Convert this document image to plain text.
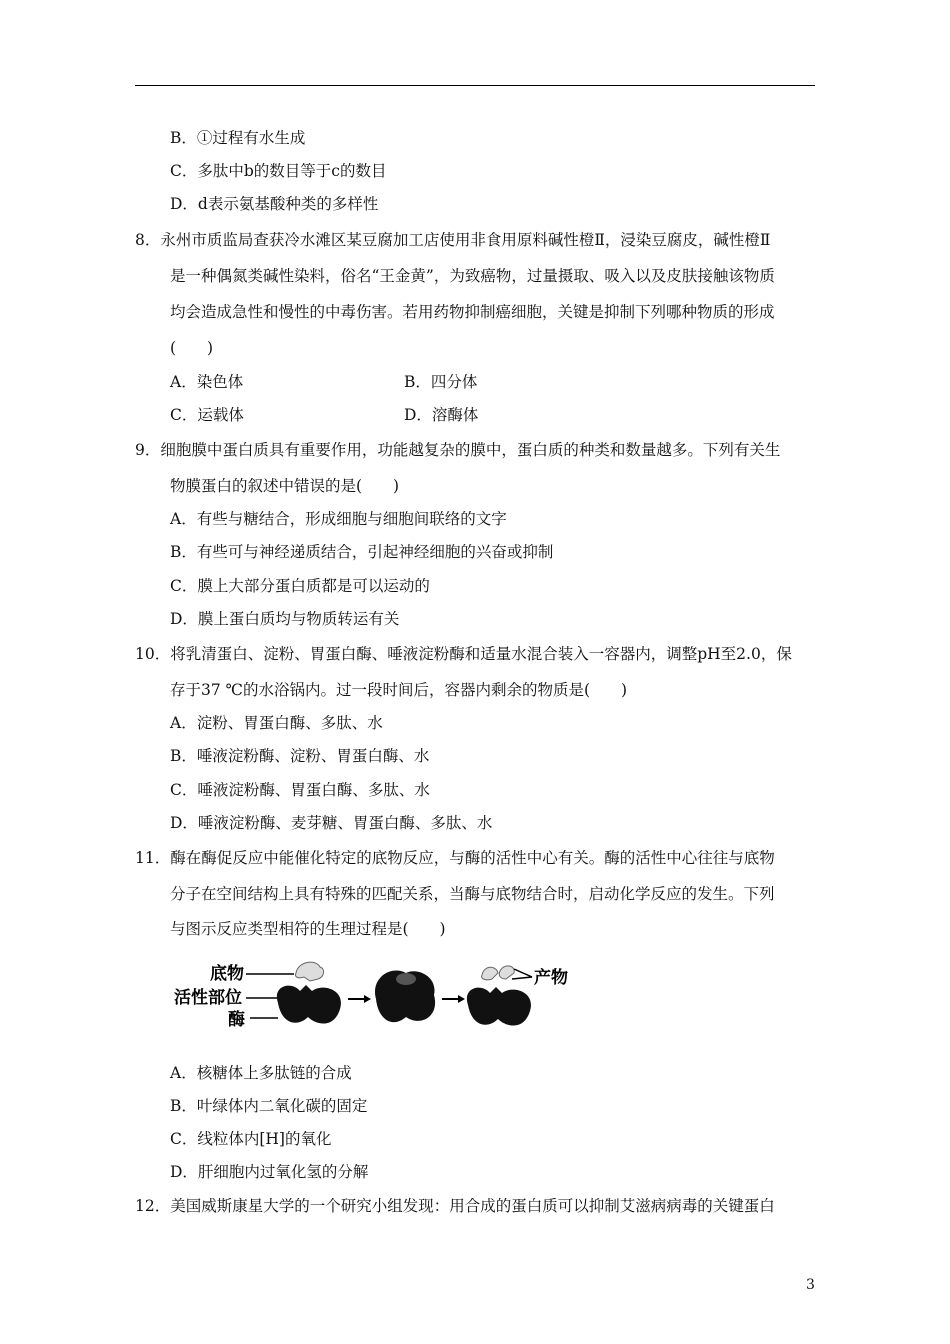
B．①过程有水生成
C．多肽中b的数目等于c的数目
D．d表示氨基酸种类的多样性
8．永州市质监局查获冷水滩区某豆腐加工店使用非食用原料碱性橙Ⅱ，浸染豆腐皮，碱性橙Ⅱ
是一种偶氮类碱性染料，俗名“王金黄”，为致癌物，过量摄取、吸入以及皮肤接触该物质
均会造成急性和慢性的中毒伤害。若用药物抑制癌细胞，关键是抑制下列哪种物质的形成
(　　)
A．染色体	B．四分体
C．运载体	D．溶酶体
9．细胞膜中蛋白质具有重要作用，功能越复杂的膜中，蛋白质的种类和数量越多。下列有关生
物膜蛋白的叙述中错误的是(　　)
A．有些与糖结合，形成细胞与细胞间联络的文字
B．有些可与神经递质结合，引起神经细胞的兴奋或抑制
C．膜上大部分蛋白质都是可以运动的
D．膜上蛋白质均与物质转运有关
10．将乳清蛋白、淀粉、胃蛋白酶、唾液淀粉酶和适量水混合装入一容器内，调整pH至2.0，保
存于37 ℃的水浴锅内。过一段时间后，容器内剩余的物质是(　　)
A．淀粉、胃蛋白酶、多肽、水
B．唾液淀粉酶、淀粉、胃蛋白酶、水
C．唾液淀粉酶、胃蛋白酶、多肽、水
D．唾液淀粉酶、麦芽糖、胃蛋白酶、多肽、水
11．酶在酶促反应中能催化特定的底物反应，与酶的活性中心有关。酶的活性中心往往与底物
分子在空间结构上具有特殊的匹配关系，当酶与底物结合时，启动化学反应的发生。下列
与图示反应类型相符的生理过程是(　　)
底物
活性部位
酶
产物
A．核糖体上多肽链的合成
B．叶绿体内二氧化碳的固定
C．线粒体内[H]的氧化
D．肝细胞内过氧化氢的分解
12．美国威斯康星大学的一个研究小组发现：用合成的蛋白质可以抑制艾滋病病毒的关键蛋白
3
